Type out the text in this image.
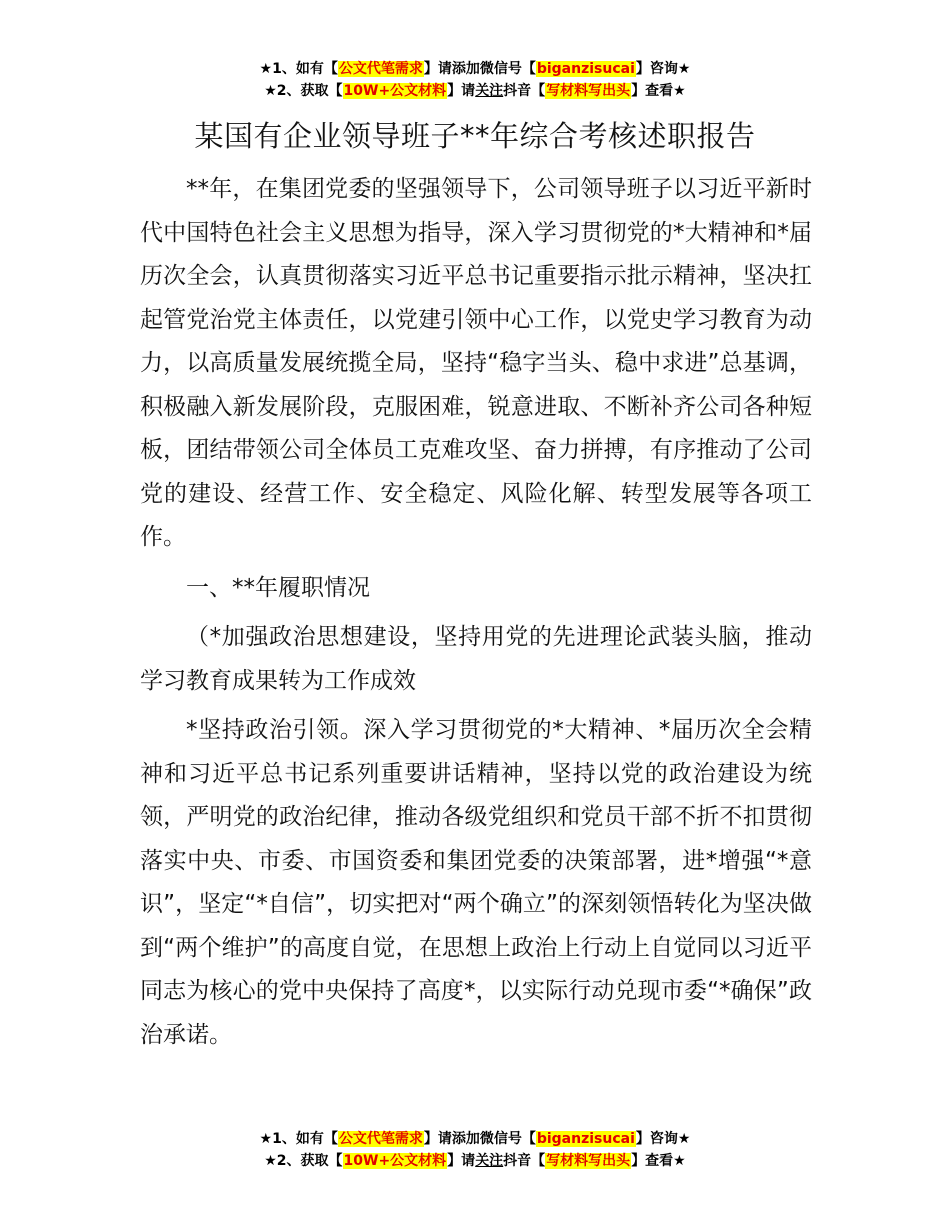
★1、如有【公文代笔需求】请添加微信号【biganzisucai】咨询★
★2、获取【10W+公文材料】请关注抖音【写材料写出头】查看★
某国有企业领导班子**年综合考核述职报告

**年，在集团党委的坚强领导下，公司领导班子以习近平新时代中国特色社会主义思想为指导，深入学习贯彻党的*大精神和*届历次全会，认真贯彻落实习近平总书记重要指示批示精神，坚决扛起管党治党主体责任，以党建引领中心工作，以党史学习教育为动力，以高质量发展统揽全局，坚持“稳字当头、稳中求进”总基调，积极融入新发展阶段，克服困难，锐意进取、不断补齐公司各种短板，团结带领公司全体员工克难攻坚、奋力拼搏，有序推动了公司党的建设、经营工作、安全稳定、风险化解、转型发展等各项工作。

一、**年履职情况

（*加强政治思想建设，坚持用党的先进理论武装头脑，推动学习教育成果转为工作成效

*坚持政治引领。深入学习贯彻党的*大精神、*届历次全会精神和习近平总书记系列重要讲话精神，坚持以党的政治建设为统领，严明党的政治纪律，推动各级党组织和党员干部不折不扣贯彻落实中央、市委、市国资委和集团党委的决策部署，进*增强“*意识”，坚定“*自信”，切实把对“两个确立”的深刻领悟转化为坚决做到“两个维护”的高度自觉，在思想上政治上行动上自觉同以习近平同志为核心的党中央保持了高度*，以实际行动兑现市委“*确保”政治承诺。

★1、如有【公文代笔需求】请添加微信号【biganzisucai】咨询★
★2、获取【10W+公文材料】请关注抖音【写材料写出头】查看★
